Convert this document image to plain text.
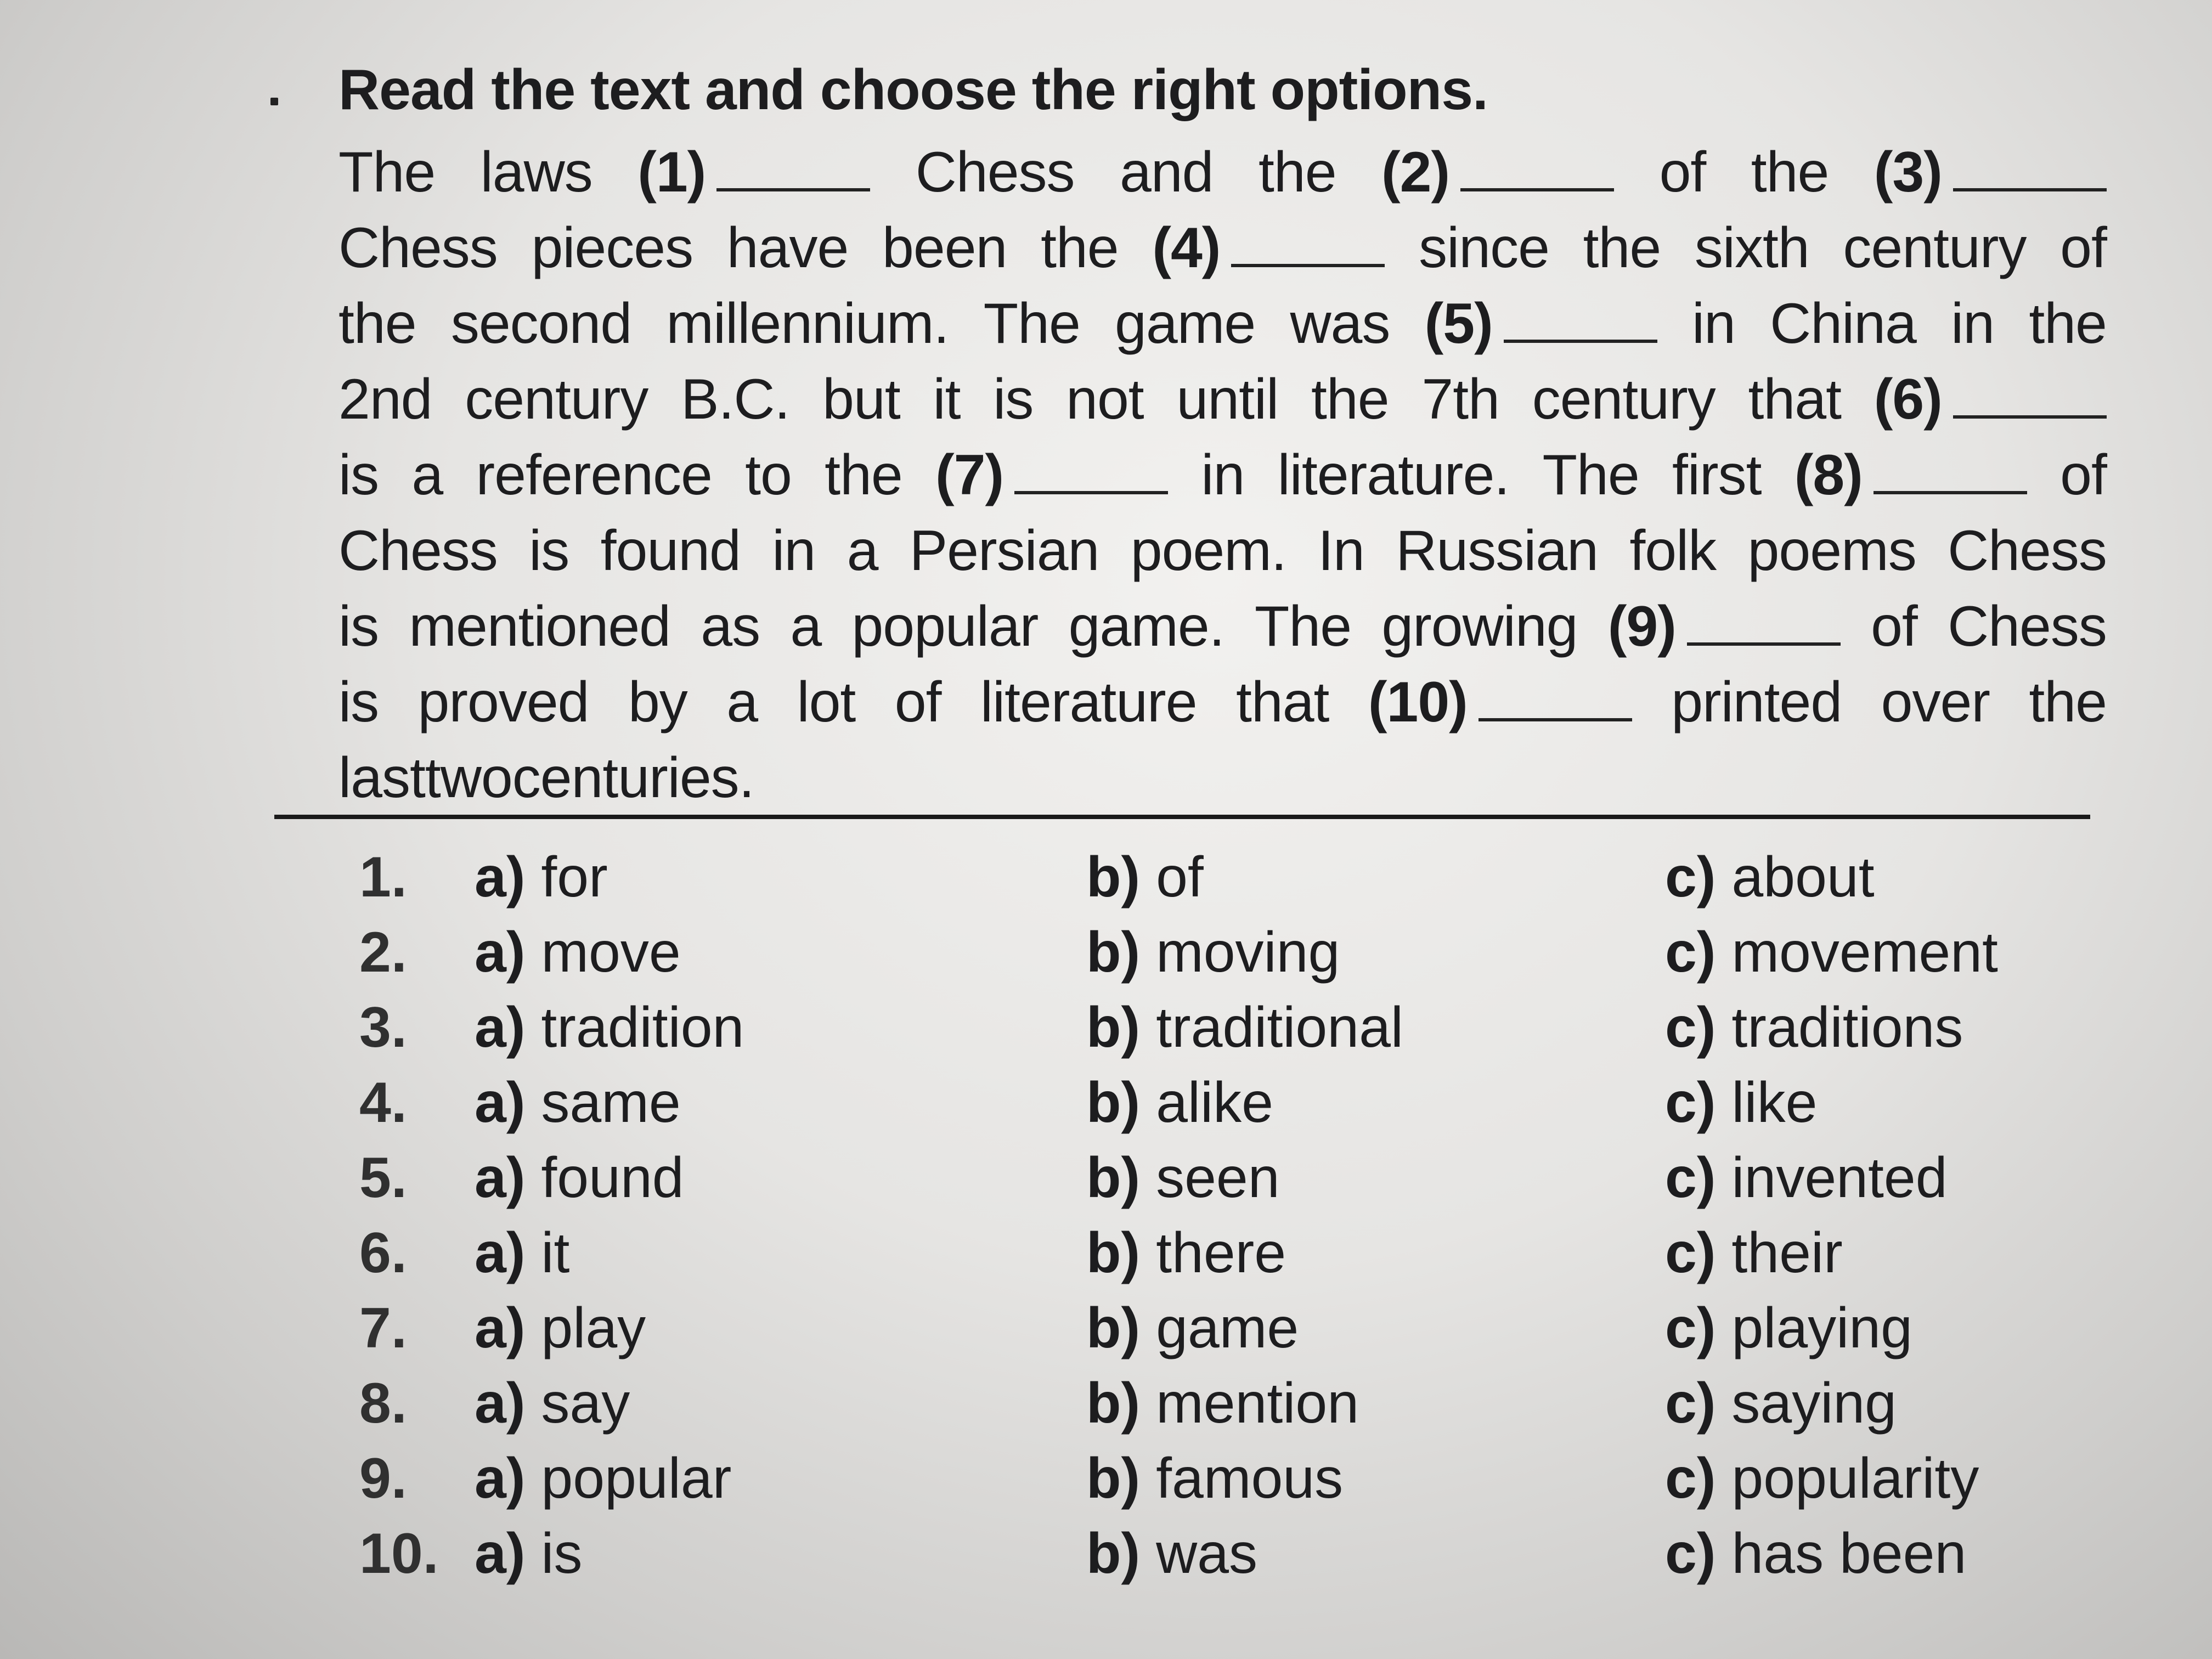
Read the text and choose the right options.
The laws (1)	Chess and the (2)	of the (3)
Chess pieces have been the (4)	since the sixth century of
the second millennium. The game was (5)	in China in the
2nd century B.C. but it is not until the 7th century that (6)
is a reference to the (7)	in literature. The first (8)	of
Chess is found in a Persian poem. In Russian folk poems Chess
is mentioned as a popular game. The growing (9)	of Chess
is proved by a lot of literature that (10)	printed over the
lasttwocenturies.
1. a) for	b) of	c) about
2. a) move	b) moving	c) movement
3. a) tradition	b) traditional	c) traditions
4. a) same	b) alike	c) like
5. a) found	b) seen	c) invented
6. a) it	b) there	c) their
7. a) play	b) game	c) playing
8. a) say	b) mention	c) saying
9. a) popular	b) famous	c) popularity
10. a) is	b) was	c) has been
